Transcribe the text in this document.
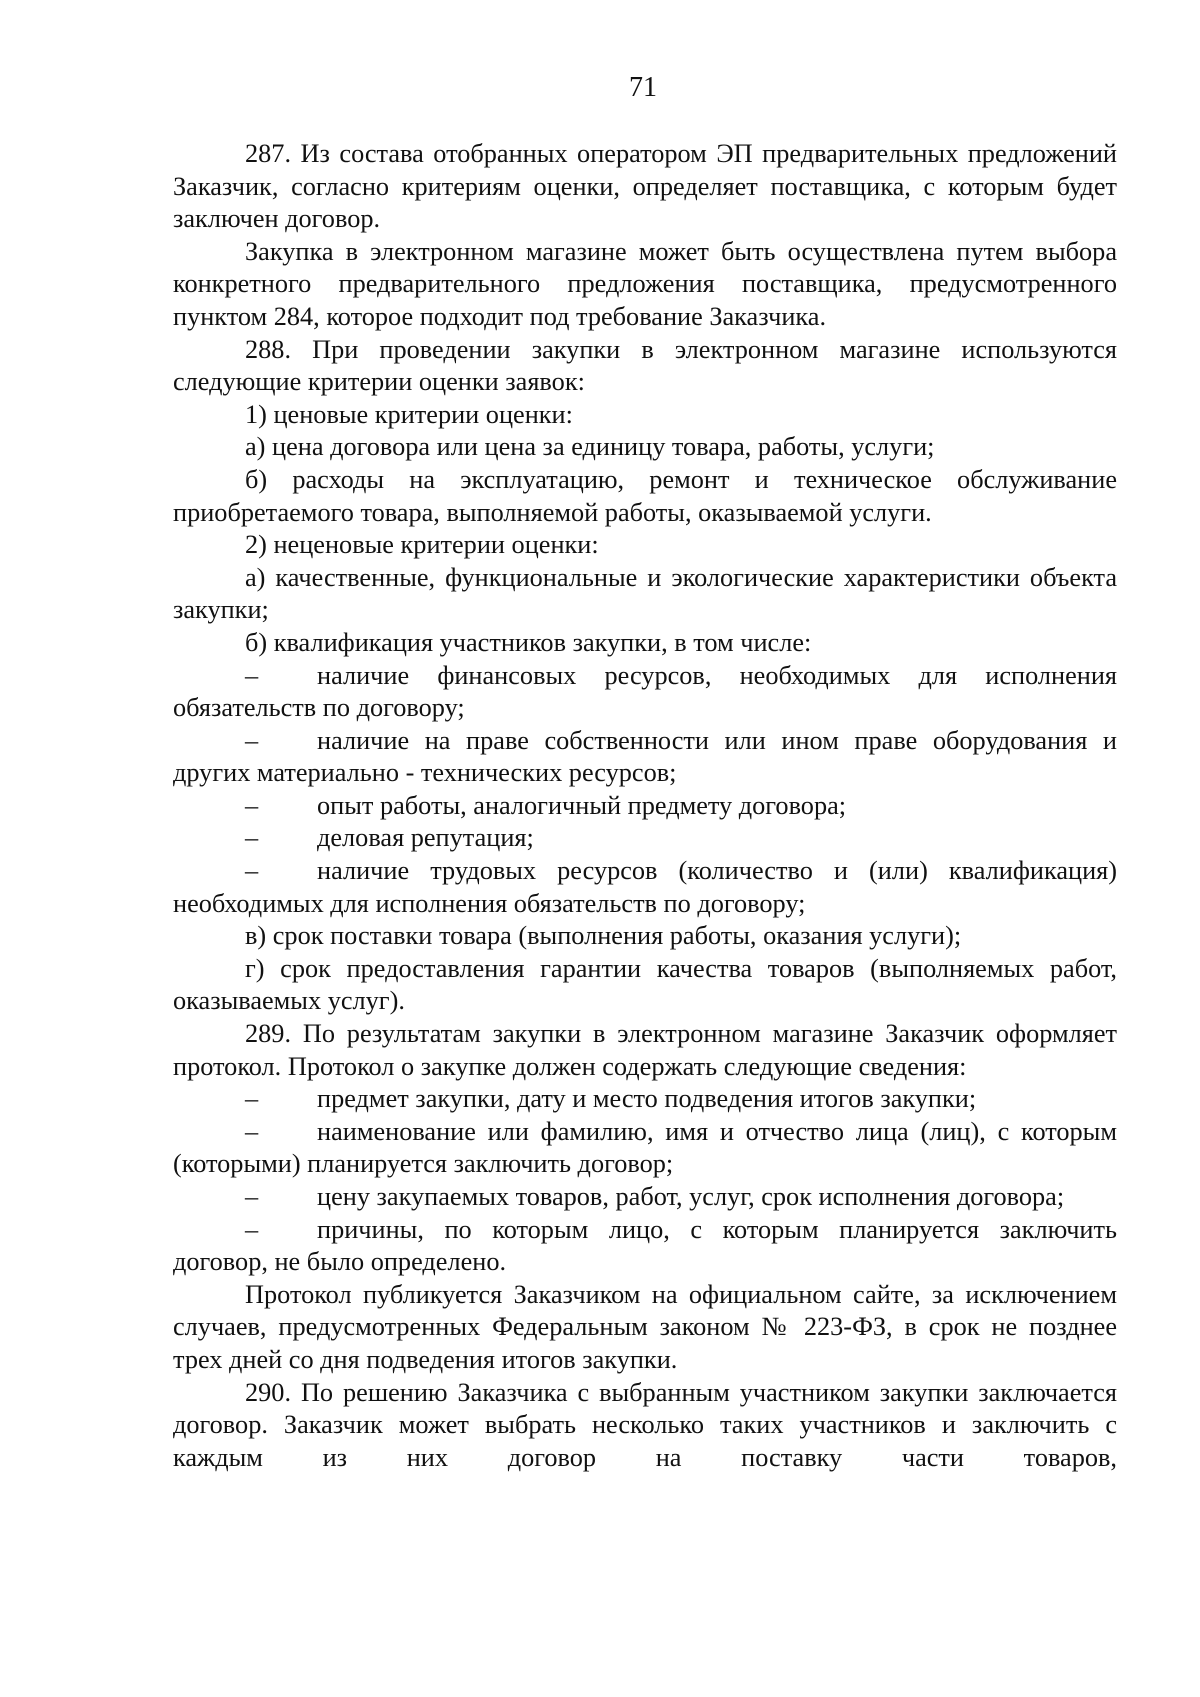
71

287. Из состава отобранных оператором ЭП предварительных предложений Заказчик, согласно критериям оценки, определяет поставщика, с которым будет заключен договор.

Закупка в электронном магазине может быть осуществлена путем выбора конкретного предварительного предложения поставщика, предусмотренного пунктом 284, которое подходит под требование Заказчика.

288. При проведении закупки в электронном магазине используются следующие критерии оценки заявок:

1) ценовые критерии оценки:

а) цена договора или цена за единицу товара, работы, услуги;

б) расходы на эксплуатацию, ремонт и техническое обслуживание приобретаемого товара, выполняемой работы, оказываемой услуги.

2) неценовые критерии оценки:

а) качественные, функциональные и экологические характеристики объекта закупки;

б) квалификация участников закупки, в том числе:

– наличие финансовых ресурсов, необходимых для исполнения обязательств по договору;

– наличие на праве собственности или ином праве оборудования и других материально - технических ресурсов;

– опыт работы, аналогичный предмету договора;

– деловая репутация;

– наличие трудовых ресурсов (количество и (или) квалификация) необходимых для исполнения обязательств по договору;

в) срок поставки товара (выполнения работы, оказания услуги);

г) срок предоставления гарантии качества товаров (выполняемых работ, оказываемых услуг).

289. По результатам закупки в электронном магазине Заказчик оформляет протокол. Протокол о закупке должен содержать следующие сведения:

– предмет закупки, дату и место подведения итогов закупки;

– наименование или фамилию, имя и отчество лица (лиц), с которым (которыми) планируется заключить договор;

– цену закупаемых товаров, работ, услуг, срок исполнения договора;

– причины, по которым лицо, с которым планируется заключить договор, не было определено.

Протокол публикуется Заказчиком на официальном сайте, за исключением случаев, предусмотренных Федеральным законом № 223-ФЗ, в срок не позднее трех дней со дня подведения итогов закупки.

290. По решению Заказчика с выбранным участником закупки заключается договор. Заказчик может выбрать несколько таких участников и заключить с каждым из них договор на поставку части товаров,
